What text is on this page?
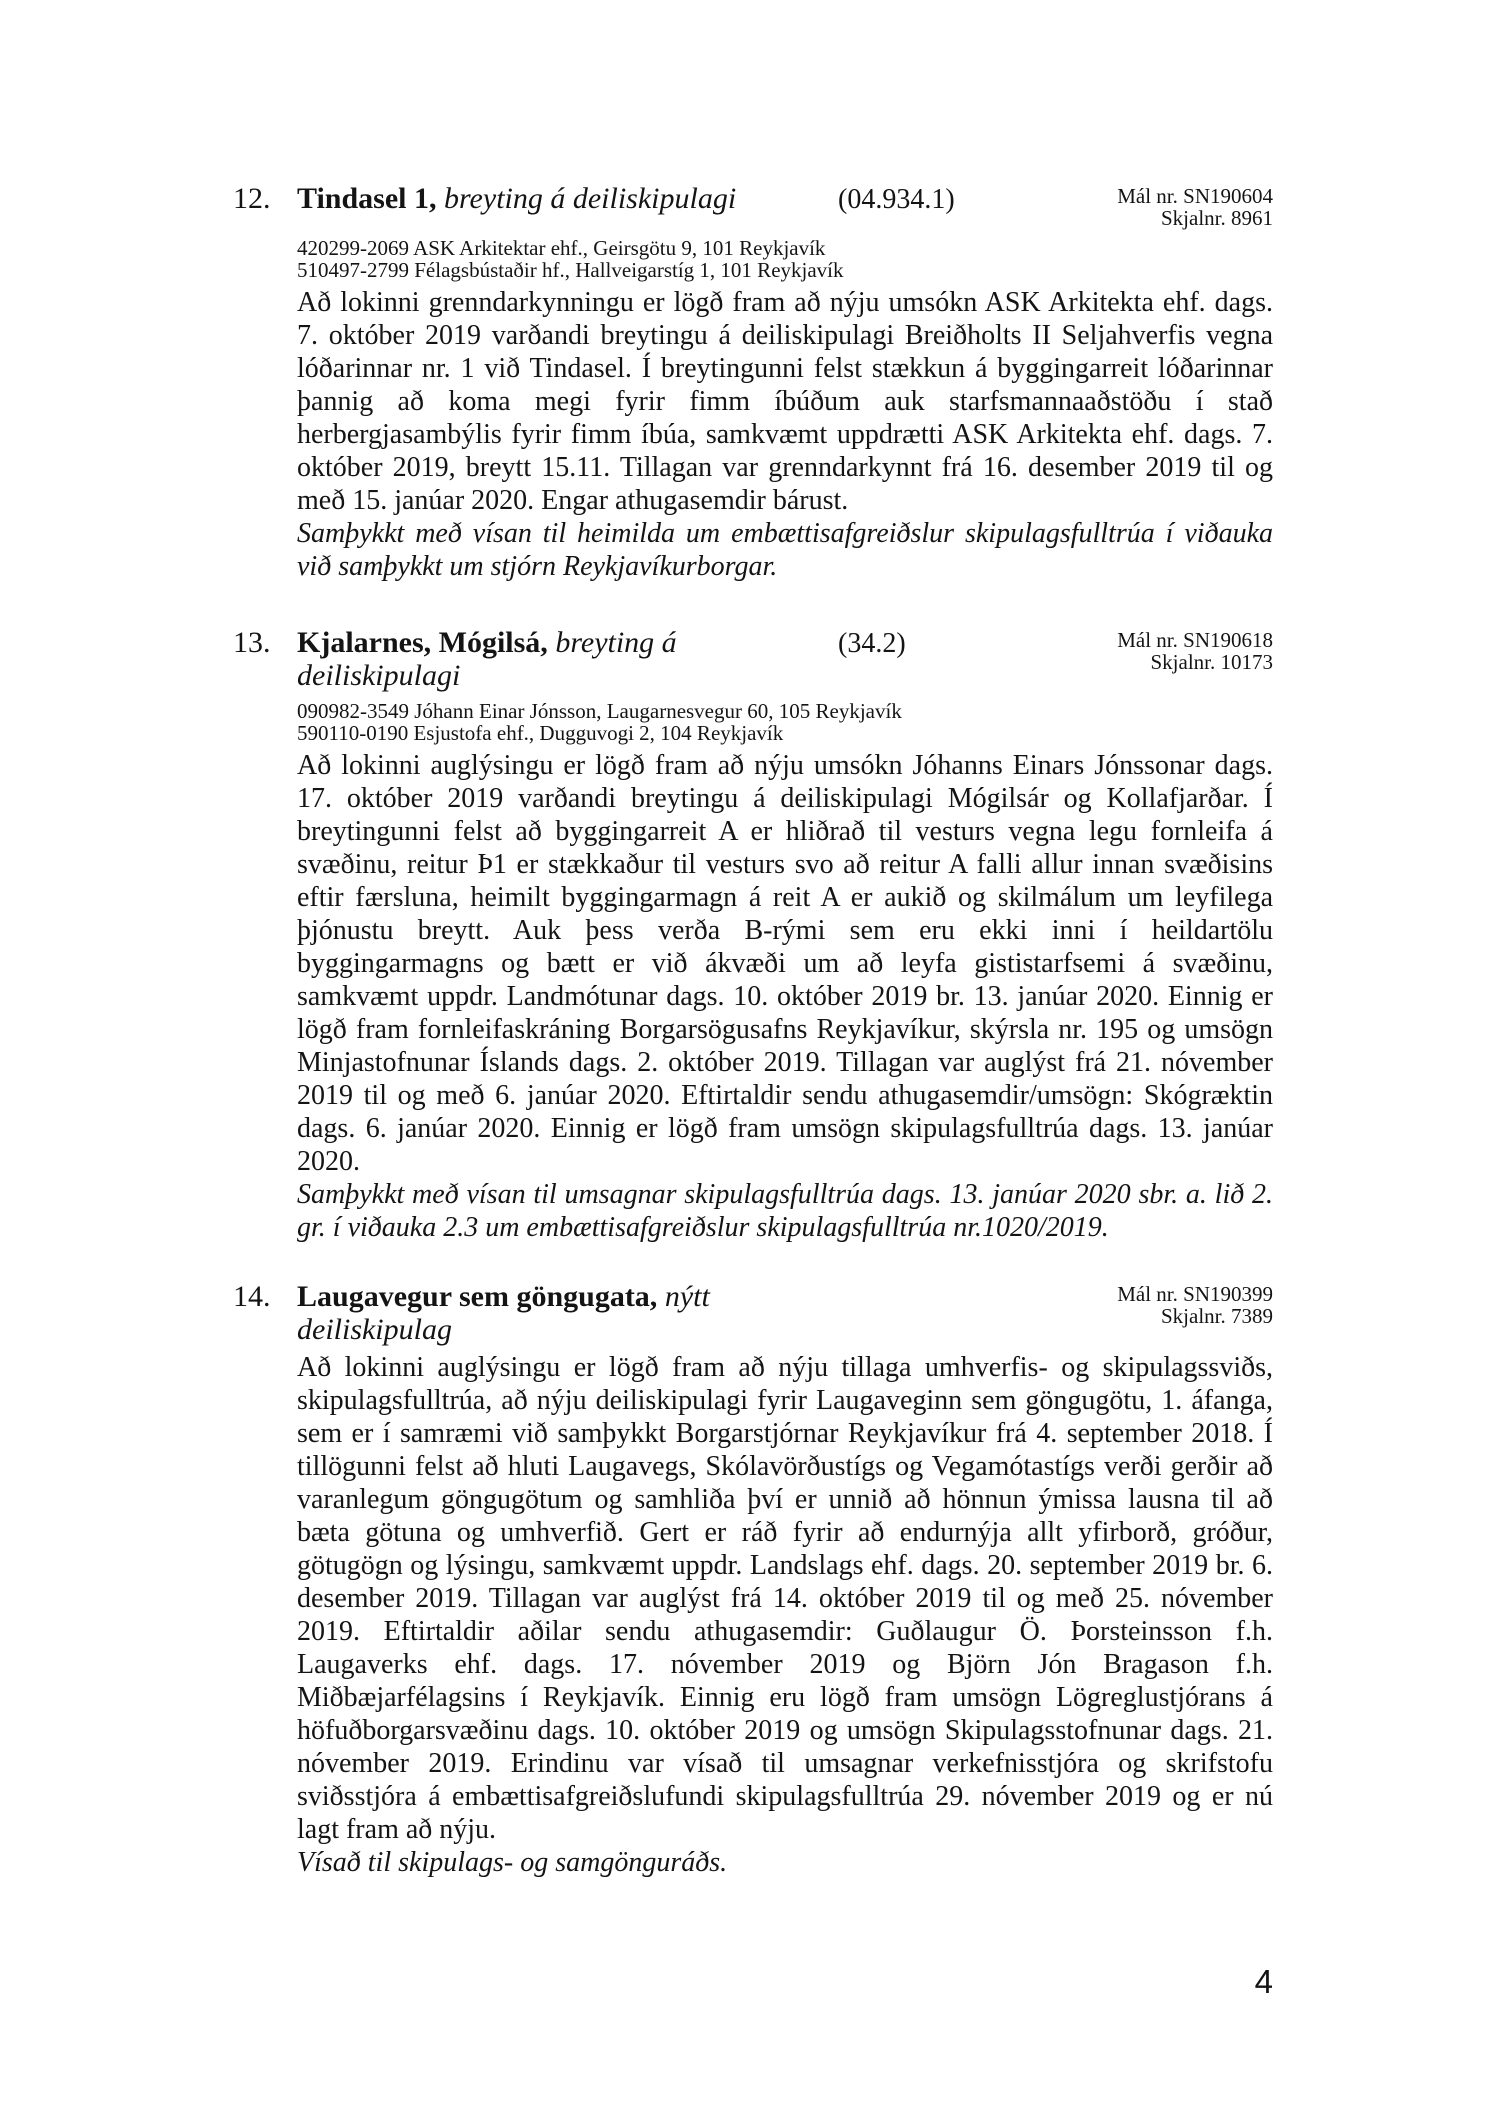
12. Tindasel 1, breyting á deiliskipulagi	(04.934.1)	Mál nr. SN190604
Skjalnr. 8961
420299-2069 ASK Arkitektar ehf., Geirsgötu 9, 101 Reykjavík
510497-2799 Félagsbústaðir hf., Hallveigarstíg 1, 101 Reykjavík
Að lokinni grenndarkynningu er lögð fram að nýju umsókn ASK Arkitekta ehf. dags. 7. október 2019 varðandi breytingu á deiliskipulagi Breiðholts II Seljahverfis vegna lóðarinnar nr. 1 við Tindasel. Í breytingunni felst stækkun á byggingarreit lóðarinnar þannig að koma megi fyrir fimm íbúðum auk starfsmannaaðstöðu í stað herbergjasambýlis fyrir fimm íbúa, samkvæmt uppdrætti ASK Arkitekta ehf. dags. 7. október 2019, breytt 15.11. Tillagan var grenndarkynnt frá 16. desember 2019 til og með 15. janúar 2020. Engar athugasemdir bárust.
Samþykkt með vísan til heimilda um embættisafgreiðslur skipulagsfulltrúa í viðauka við samþykkt um stjórn Reykjavíkurborgar.
13. Kjalarnes, Mógilsá, breyting á deiliskipulagi
(34.2)	Mál nr. SN190618
Skjalnr. 10173
090982-3549 Jóhann Einar Jónsson, Laugarnesvegur 60, 105 Reykjavík
590110-0190 Esjustofa ehf., Dugguvogi 2, 104 Reykjavík
Að lokinni auglýsingu er lögð fram að nýju umsókn Jóhanns Einars Jónssonar dags. 17. október 2019 varðandi breytingu á deiliskipulagi Mógilsár og Kollafjarðar. Í breytingunni felst að byggingarreit A er hliðrað til vesturs vegna legu fornleifa á svæðinu, reitur Þ1 er stækkaður til vesturs svo að reitur A falli allur innan svæðisins eftir færsluna, heimilt byggingarmagn á reit A er aukið og skilmálum um leyfilega þjónustu breytt. Auk þess verða B-rými sem eru ekki inni í heildartölu byggingarmagns og bætt er við ákvæði um að leyfa gististarfsemi á svæðinu, samkvæmt uppdr. Landmótunar dags. 10. október 2019 br. 13. janúar 2020. Einnig er lögð fram fornleifaskráning Borgarsögusafns Reykjavíkur, skýrsla nr. 195 og umsögn Minjastofnunar Íslands dags. 2. október 2019. Tillagan var auglýst frá 21. nóvember 2019 til og með 6. janúar 2020. Eftirtaldir sendu athugasemdir/umsögn: Skógræktin dags. 6. janúar 2020. Einnig er lögð fram umsögn skipulagsfulltrúa dags. 13. janúar 2020.
Samþykkt með vísan til umsagnar skipulagsfulltrúa dags. 13. janúar 2020 sbr. a. lið 2. gr. í viðauka 2.3 um embættisafgreiðslur skipulagsfulltrúa nr.1020/2019.
14. Laugavegur sem göngugata, nýtt deiliskipulag
Mál nr. SN190399
Skjalnr. 7389
Að lokinni auglýsingu er lögð fram að nýju tillaga umhverfis- og skipulagssviðs, skipulagsfulltrúa, að nýju deiliskipulagi fyrir Laugaveginn sem göngugötu, 1. áfanga, sem er í samræmi við samþykkt Borgarstjórnar Reykjavíkur frá 4. september 2018. Í tillögunni felst að hluti Laugavegs, Skólavörðustígs og Vegamótastígs verði gerðir að varanlegum göngugötum og samhliða því er unnið að hönnun ýmissa lausna til að bæta götuna og umhverfið. Gert er ráð fyrir að endurnýja allt yfirborð, gróður, götugögn og lýsingu, samkvæmt uppdr. Landslags ehf. dags. 20. september 2019 br. 6. desember 2019. Tillagan var auglýst frá 14. október 2019 til og með 25. nóvember 2019. Eftirtaldir aðilar sendu athugasemdir: Guðlaugur Ö. Þorsteinsson f.h. Laugaverks ehf. dags. 17. nóvember 2019 og Björn Jón Bragason f.h. Miðbæjarfélagsins í Reykjavík. Einnig eru lögð fram umsögn Lögreglustjórans á höfuðborgarsvæðinu dags. 10. október 2019 og umsögn Skipulagsstofnunar dags. 21. nóvember 2019. Erindinu var vísað til umsagnar verkefnisstjóra og skrifstofu sviðsstjóra á embættisafgreiðslufundi skipulagsfulltrúa 29. nóvember 2019 og er nú lagt fram að nýju.
Vísað til skipulags- og samgönguráðs.
4
